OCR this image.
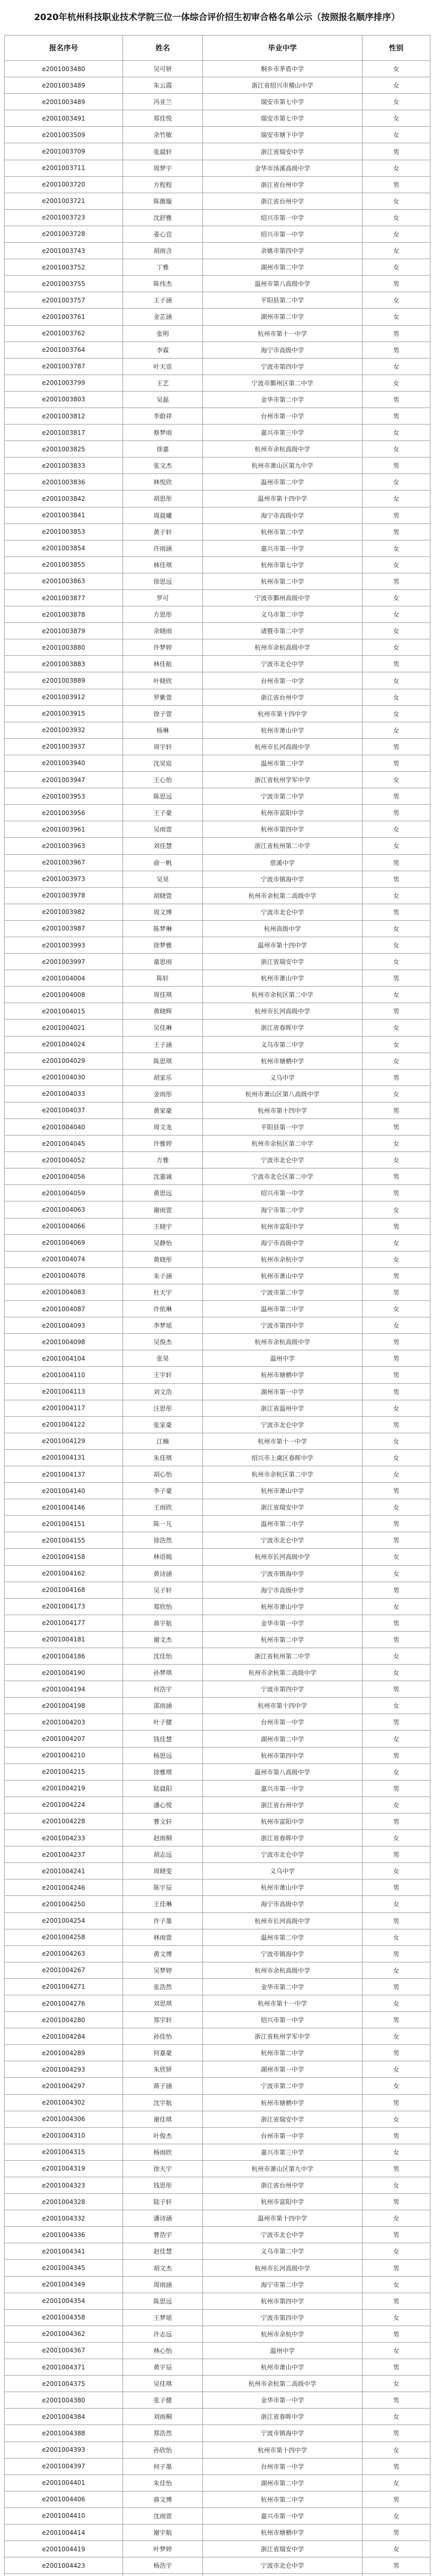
2020年杭州科技职业技术学院三位一体综合评价招生初审合格名单公示（按照报名顺序排序）
报名序号	姓名	毕业中学	性别
e2001003480	吴可妍	桐乡市茅盾中学	女
e2001003489	朱云霞	浙江省绍兴市稽山中学	女
e2001003489	冯亚兰	瑞安市第七中学	女
e2001003491	郑佳悦	瑞安市第七中学	女
e2001003509	余竹敏	瑞安市塘下中学	女
e2001003709	张晨轩	浙江省瑞安中学	男
e2001003711	周梦宇	金华市汤溪高级中学	女
e2001003720	方程程	浙江省台州中学	男
e2001003721	陈薇璇	浙江省台州中学	女
e2001003723	沈舒雅	绍兴市第一中学	女
e2001003728	姜心宜	绍兴市第一中学	女
e2001003743	胡雨含	余姚市第四中学	女
e2001003752	丁雅	湖州市第二中学	女
e2001003755	陈伟杰	温州市第八高级中学	男
e2001003757	王子涵	平阳县第二中学	女
e2001003761	金芷涵	湖州市第二中学	女
e2001003762	张明	杭州市第十一中学	男
e2001003764	李霖	海宁市高级中学	男
e2001003787	叶天语	宁波市第四中学	女
e2001003799	王艺	宁波市鄞州区第二中学	女
e2001003803	吴磊	金华市第二中学	男
e2001003812	李蔚祥	台州市第一中学	男
e2001003817	蔡梦雨	嘉兴市第三中学	女
e2001003825	徐嘉	杭州市余杭高级中学	女
e2001003833	张文杰	杭州市萧山区第九中学	男
e2001003836	林悦欣	温州市第二中学	女
e2001003842	胡思彤	温州市第十四中学	女
e2001003841	周晨曦	海宁市高级中学	男
e2001003853	黄子轩	杭州市第二中学	男
e2001003854	许雨涵	嘉兴市第一中学	女
e2001003855	林佳琪	杭州市第七中学	女
e2001003863	徐思远	杭州市第二中学	男
e2001003877	罗可	宁波市鄞州高级中学	女
e2001003878	方思彤	义乌市第二中学	女
e2001003879	余晓雨	诸暨市第二中学	女
e2001003880	许梦婷	杭州市余杭高级中学	女
e2001003883	林佳航	宁波市北仑中学	男
e2001003889	叶晓欣	台州市第一中学	女
e2001003912	罗紫萱	浙江省台州中学	女
e2001003915	徐子萱	杭州市第十四中学	女
e2001003932	杨琳	杭州市萧山中学	女
e2001003937	周宇轩	杭州市长河高级中学	男
e2001003940	沈昊宸	温州市第二中学	男
e2001003947	王心怡	浙江省杭州学军中学	女
e2001003953	陈思远	宁波市第二中学	男
e2001003956	王子豪	杭州市富阳中学	男
e2001003961	吴雨萱	杭州市第四中学	女
e2001003963	刘佳慧	浙江省杭州第二中学	女
e2001003967	俞一帆	慈溪中学	男
e2001003973	吴昊	宁波市镇海中学	男
e2001003978	胡晓萱	杭州市余杭第二高级中学	女
e2001003982	周文博	宁波市北仑中学	男
e2001003987	陈梦琳	杭州高级中学	女
e2001003993	徐梦雅	温州市第十四中学	女
e2001003997	童思雨	浙江省瑞安中学	女
e2001004004	陈轩	杭州市萧山中学	男
e2001004008	周佳琪	杭州市余杭区第二中学	女
e2001004015	黄晓辉	杭州市长河高级中学	男
e2001004021	吴佳琳	浙江省春晖中学	女
e2001004024	王子涵	义乌市第二中学	女
e2001004029	陈思琪	杭州市塘栖中学	女
e2001004030	胡家乐	义乌中学	男
e2001004033	金雨彤	杭州市萧山区第八高级中学	女
e2001004037	黄家豪	杭州市第十四中学	男
e2001004040	周文龙	平阳县第一中学	男
e2001004045	许雅婷	杭州市余杭区第二中学	女
e2001004052	方雅	宁波市北仑中学	女
e2001004056	沈嘉诚	宁波市北仑区第二中学	男
e2001004059	黄思远	绍兴市第一中学	男
e2001004063	谢雨萱	海宁市第二中学	女
e2001004066	王晓宇	杭州市富阳中学	男
e2001004069	吴静怡	海宁市高级中学	女
e2001004074	黄晓彤	杭州市余杭中学	女
e2001004078	朱子涵	杭州市萧山中学	男
e2001004083	杜天宇	宁波市第二中学	男
e2001004087	许依琳	温州市第二中学	女
e2001004093	李梦瑶	宁波市第四中学	女
e2001004098	吴俊杰	杭州市余杭高级中学	男
e2001004104	张昊	温州中学	男
e2001004110	王宇轩	杭州市塘栖中学	男
e2001004113	刘文浩	湖州市第一中学	男
e2001004117	汪思彤	浙江省温州中学	女
e2001004122	张家豪	宁波市北仑中学	男
e2001004129	江楠	杭州市第十一中学	女
e2001004131	朱佳琪	绍兴市上虞区春晖中学	女
e2001004137	胡心怡	杭州市余杭区第二中学	女
e2001004140	李子豪	杭州市萧山中学	男
e2001004146	王雨欣	浙江省瑞安中学	女
e2001004151	陈一凡	温州市第二中学	男
e2001004155	徐浩然	宁波市北仑中学	男
e2001004158	林语嫣	杭州市长河高级中学	女
e2001004162	黄诗涵	宁波市镇海中学	女
e2001004168	吴子轩	海宁市高级中学	男
e2001004173	郑欣怡	杭州市萧山中学	女
e2001004177	蒋宇航	金华市第一中学	男
e2001004181	谢文杰	杭州市第二中学	男
e2001004186	沈佳怡	浙江省杭州第二中学	女
e2001004190	孙梦琪	杭州市余杭第二高级中学	女
e2001004194	何浩宇	宁波市第四中学	男
e2001004198	邵雨涵	杭州市第十四中学	女
e2001004203	叶子健	台州市第一中学	男
e2001004207	钱佳慧	湖州市第二中学	女
e2001004210	杨思远	杭州市第四中学	男
e2001004215	徐雅琪	温州市第八高级中学	女
e2001004219	陆晨阳	嘉兴市第一中学	男
e2001004224	潘心悦	浙江省台州中学	女
e2001004228	曹文轩	杭州市富阳中学	男
e2001004233	赵雨桐	浙江省春晖中学	女
e2001004237	胡志远	宁波市北仑中学	男
e2001004241	周晓雯	义乌中学	女
e2001004246	陈宇辰	杭州市萧山中学	男
e2001004250	王佳琳	海宁市高级中学	女
e2001004254	许子墨	杭州市长河高级中学	男
e2001004258	林雨萱	温州市第二中学	女
e2001004263	黄文博	宁波市镇海中学	男
e2001004267	吴梦婷	杭州市余杭高级中学	女
e2001004271	张浩然	金华市第二中学	男
e2001004276	刘思琪	杭州市第十一中学	女
e2001004280	郑宇轩	绍兴市第一中学	男
e2001004284	孙佳怡	浙江省杭州学军中学	女
e2001004289	何嘉豪	杭州市第二中学	男
e2001004293	朱欣妍	湖州市第一中学	女
e2001004297	蒋子涵	宁波市第二中学	女
e2001004302	沈宇航	杭州市塘栖中学	男
e2001004306	谢佳琪	浙江省瑞安中学	女
e2001004310	叶俊杰	台州市第一中学	男
e2001004315	杨雨欣	嘉兴市第三中学	女
e2001004319	徐天宇	杭州市萧山区第九中学	男
e2001004323	钱思彤	浙江省台州中学	女
e2001004328	陆子轩	杭州市富阳中学	男
e2001004332	潘诗涵	温州市第十四中学	女
e2001004336	曹浩宇	宁波市北仑中学	男
e2001004341	赵佳慧	义乌市第二中学	女
e2001004345	胡文杰	杭州市长河高级中学	男
e2001004349	周雨涵	海宁市第二中学	女
e2001004354	陈思远	杭州市第四中学	男
e2001004358	王梦瑶	宁波市第四中学	女
e2001004362	许志远	杭州市余杭中学	男
e2001004367	林心怡	温州中学	女
e2001004371	黄宇辰	杭州市萧山中学	男
e2001004375	吴佳琪	杭州市余杭第二高级中学	女
e2001004380	张子健	金华市第一中学	男
e2001004384	刘雨桐	浙江省春晖中学	女
e2001004388	郑浩然	宁波市镇海中学	男
e2001004393	孙欣怡	杭州市第十四中学	女
e2001004397	何子墨	台州市第一中学	男
e2001004401	朱佳怡	湖州市第二中学	女
e2001004406	蒋文博	杭州市第二中学	男
e2001004410	沈雨萱	嘉兴市第一中学	女
e2001004414	谢宇航	杭州市塘栖中学	男
e2001004419	叶梦婷	浙江省瑞安中学	女
e2001004423	杨浩宇	宁波市北仑中学	男
